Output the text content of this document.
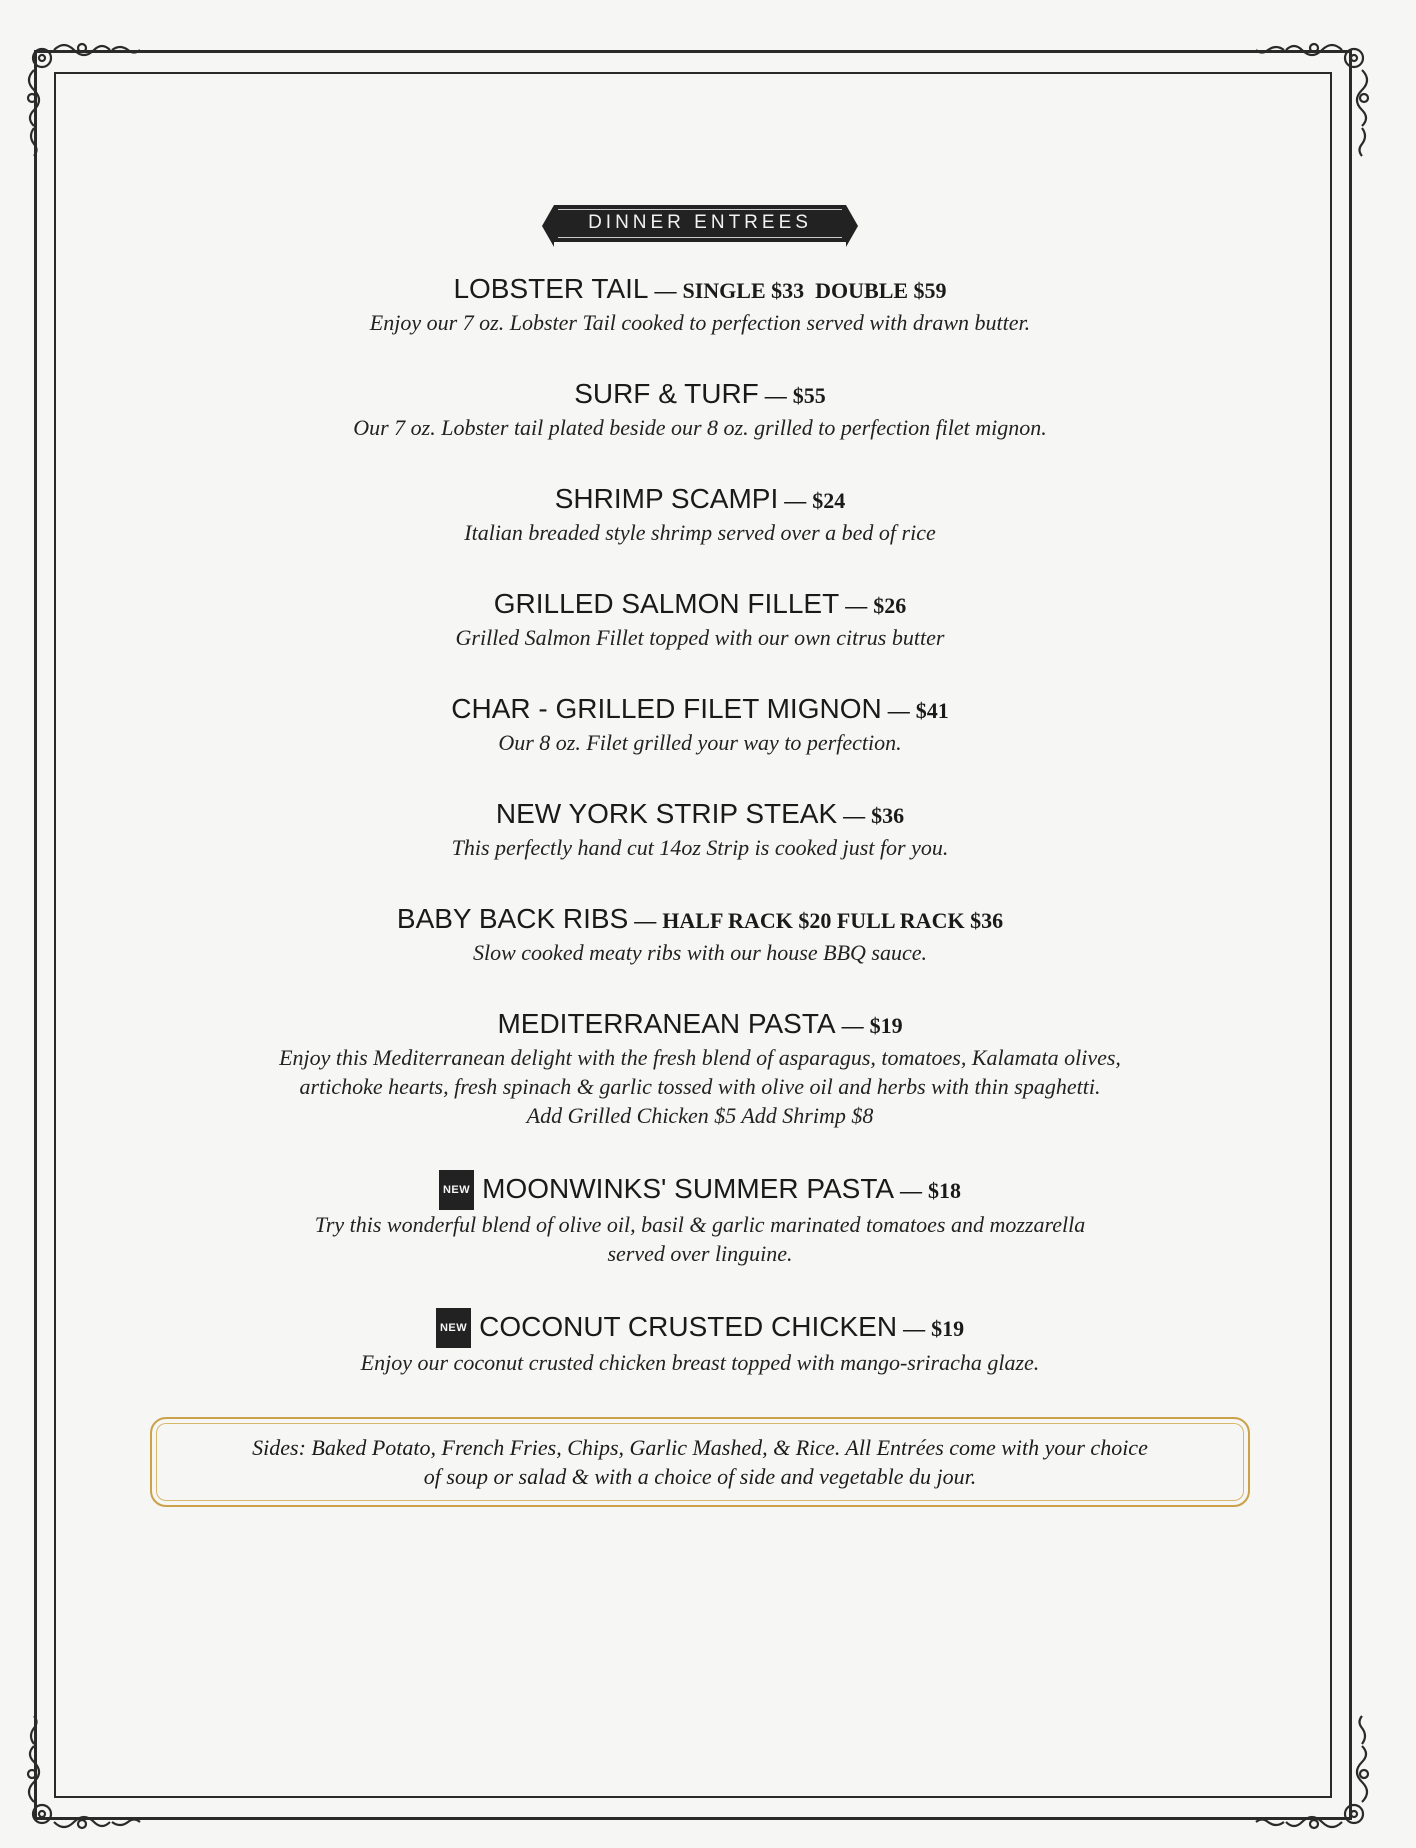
DINNER ENTREES
LOBSTER TAIL — SINGLE $33  DOUBLE $59
Enjoy our 7 oz. Lobster Tail cooked to perfection served with drawn butter.
SURF & TURF — $55
Our 7 oz. Lobster tail plated beside our 8 oz. grilled to perfection filet mignon.
SHRIMP SCAMPI — $24
Italian breaded style shrimp served over a bed of rice
GRILLED SALMON FILLET — $26
Grilled Salmon Fillet topped with our own citrus butter
CHAR - GRILLED FILET MIGNON — $41
Our 8 oz. Filet grilled your way to perfection.
NEW YORK STRIP STEAK — $36
This perfectly hand cut 14oz Strip is cooked just for you.
BABY BACK RIBS — HALF RACK $20 FULL RACK $36
Slow cooked meaty ribs with our house BBQ sauce.
MEDITERRANEAN PASTA — $19
Enjoy this Mediterranean delight with the fresh blend of asparagus, tomatoes, Kalamata olives,
artichoke hearts, fresh spinach & garlic tossed with olive oil and herbs with thin spaghetti.
Add Grilled Chicken $5 Add Shrimp $8
NEW MOONWINKS' SUMMER PASTA — $18
Try this wonderful blend of olive oil, basil & garlic marinated tomatoes and mozzarella
served over linguine.
NEW COCONUT CRUSTED CHICKEN — $19
Enjoy our coconut crusted chicken breast topped with mango-sriracha glaze.
Sides: Baked Potato, French Fries, Chips, Garlic Mashed, & Rice. All Entrées come with your choice
of soup or salad & with a choice of side and vegetable du jour.
